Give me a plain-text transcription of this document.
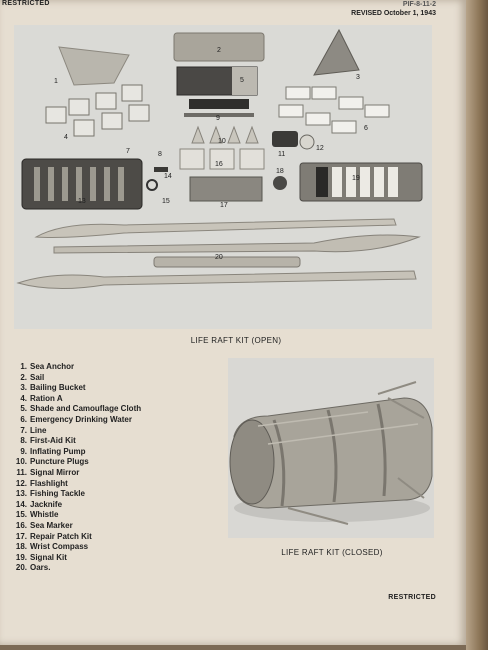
RESTRICTED	PIF-8-11-2
REVISED October 1, 1943
1
2
3
4
5
6
7	8
9
10
11
12
13
14
15
16
17
18
19
20
LIFE RAFT KIT (OPEN)
1. Sea Anchor
2. Sail
3. Bailing Bucket
4. Ration A
5. Shade and Camouflage Cloth
6. Emergency Drinking Water
7. Line
8. First-Aid Kit
9. Inflating Pump
10. Puncture Plugs
11. Signal Mirror
12. Flashlight
13. Fishing Tackle
14. Jacknife
15. Whistle
16. Sea Marker
17. Repair Patch Kit
18. Wrist Compass
19. Signal Kit
20. Oars.
LIFE RAFT KIT (CLOSED)
RESTRICTED
